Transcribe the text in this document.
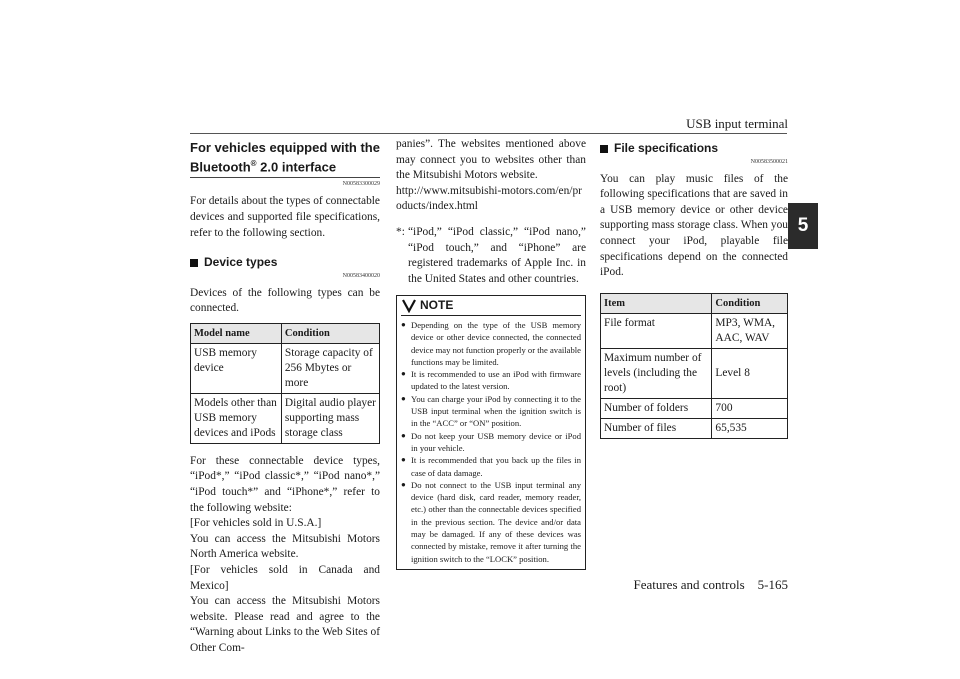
USB input terminal
5
For vehicles equipped with the
Bluetooth® 2.0 interface
N00583300029

For details about the types of connectable devices and supported file specifications, refer to the following section.

Device types
N00583400020

Devices of the following types can be connected.

Model name	Condition
USB memory device	Storage capacity of 256 Mbytes or more
Models other than USB memory devices and iPods	Digital audio player supporting mass storage class

For these connectable device types, “iPod*,” “iPod classic*,” “iPod nano*,” “iPod touch*” and “iPhone*,” refer to the following website:

[For vehicles sold in U.S.A.]

You can access the Mitsubishi Motors North America website.

[For vehicles sold in Canada and Mexico]

You can access the Mitsubishi Motors website. Please read and agree to the “Warning about Links to the Web Sites of Other Com-

panies”. The websites mentioned above may connect you to websites other than the Mitsubishi Motors website.

http://www.mitsubishi-motors.com/en/products/index.html

*: “iPod,” “iPod classic,” “iPod nano,” “iPod touch,” and “iPhone” are registered trademarks of Apple Inc. in the United States and other countries.
NOTE
● Depending on the type of the USB memory device or other device connected, the connected device may not function properly or the available functions may be limited.
● It is recommended to use an iPod with firmware updated to the latest version.
● You can charge your iPod by connecting it to the USB input terminal when the ignition switch is in the “ACC” or “ON” position.
● Do not keep your USB memory device or iPod in your vehicle.
● It is recommended that you back up the files in case of data damage.
● Do not connect to the USB input terminal any device (hard disk, card reader, memory reader, etc.) other than the connectable devices specified in the previous section. The device and/or data may be damaged. If any of these devices was connected by mistake, remove it after turning the ignition switch to the “LOCK” position.
File specifications
N00583500021

You can play music files of the following specifications that are saved in a USB memory device or other device supporting mass storage class. When you connect your iPod, playable file specifications depend on the connected iPod.

Item	Condition
File format	MP3, WMA, AAC, WAV
Maximum number of levels (including the root)	Level 8
Number of folders	700
Number of files	65,535
Features and controls    5-165
